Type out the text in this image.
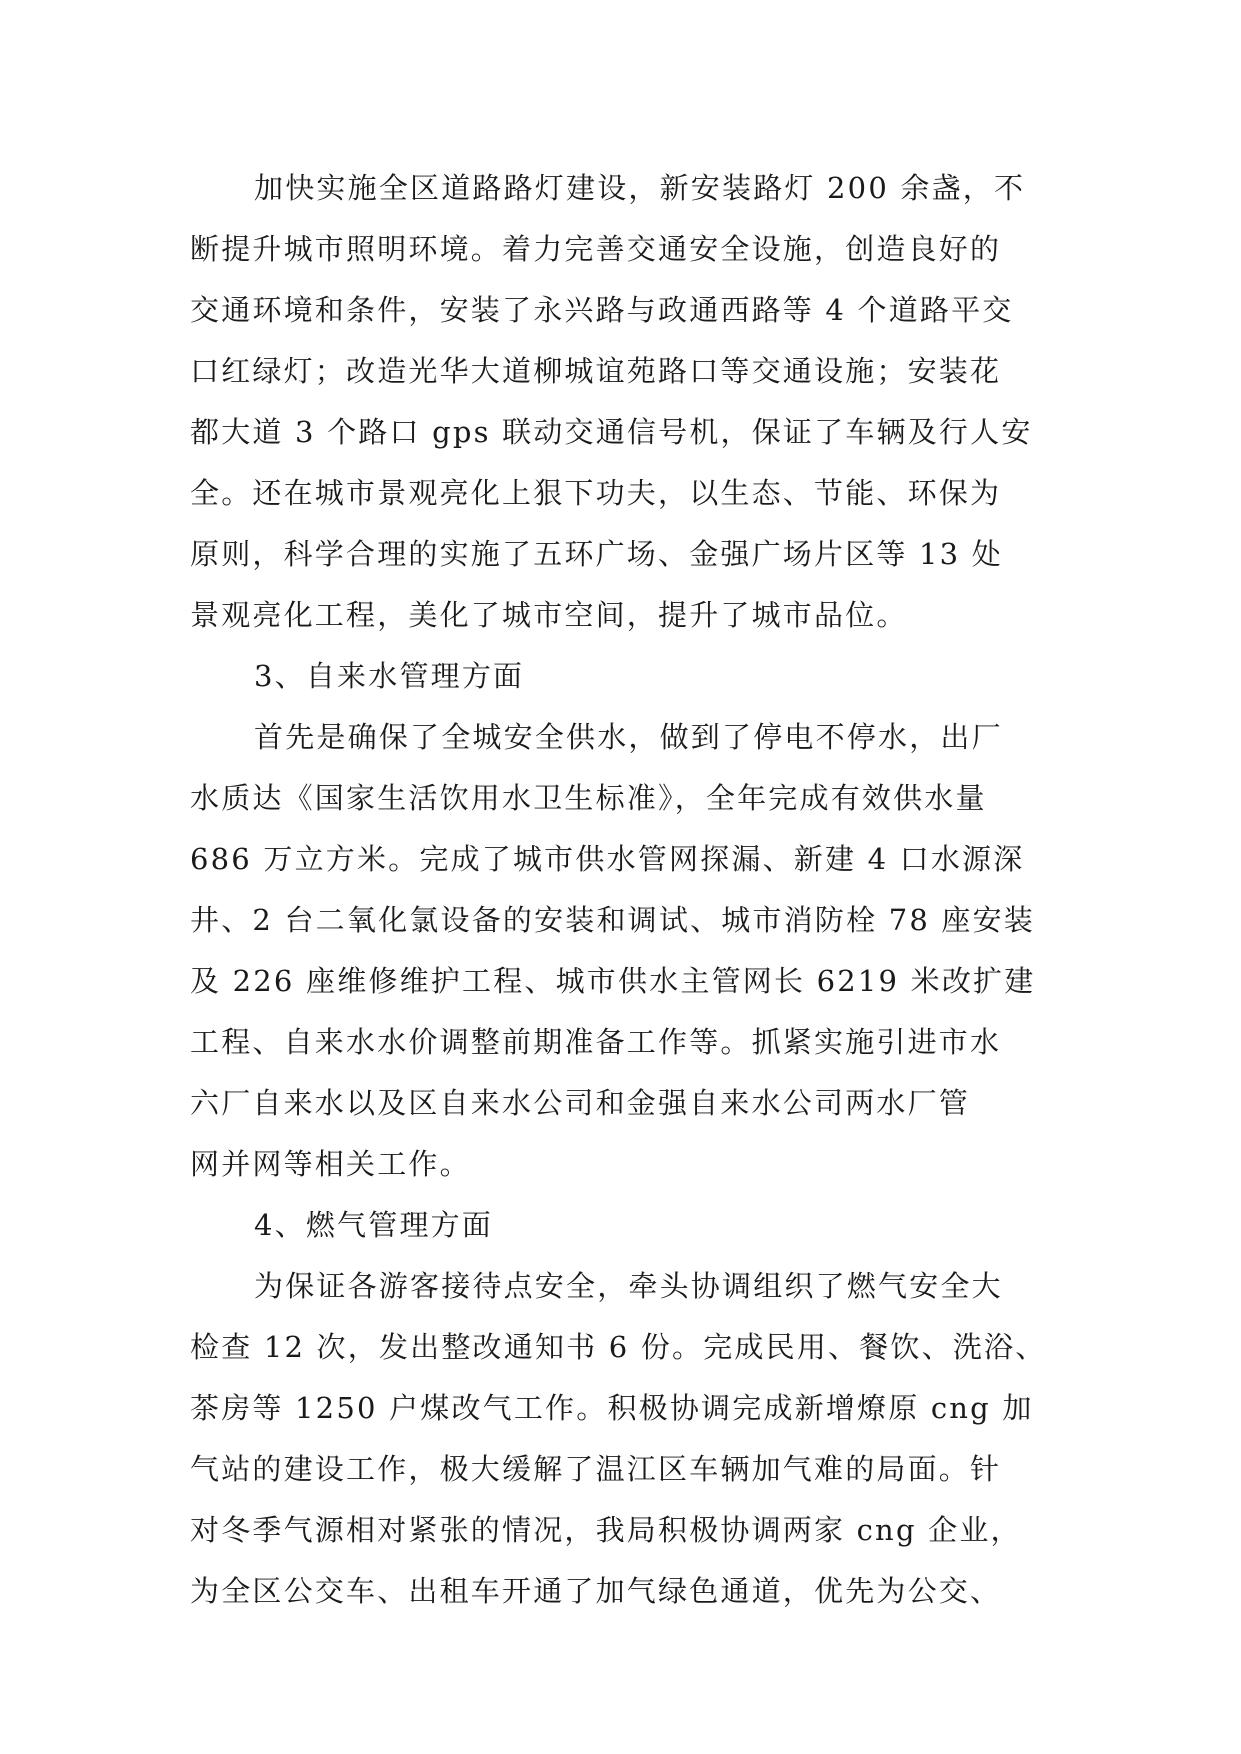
加快实施全区道路路灯建设，新安装路灯 200 余盏，不
断提升城市照明环境。着力完善交通安全设施，创造良好的
交通环境和条件，安装了永兴路与政通西路等 4 个道路平交
口红绿灯；改造光华大道柳城谊苑路口等交通设施；安装花
都大道 3 个路口 gps 联动交通信号机，保证了车辆及行人安
全。还在城市景观亮化上狠下功夫，以生态、节能、环保为
原则，科学合理的实施了五环广场、金强广场片区等 13 处
景观亮化工程，美化了城市空间，提升了城市品位。
3、自来水管理方面
首先是确保了全城安全供水，做到了停电不停水，出厂
水质达《国家生活饮用水卫生标准》，全年完成有效供水量
686 万立方米。完成了城市供水管网探漏、新建 4 口水源深
井、2 台二氧化氯设备的安装和调试、城市消防栓 78 座安装
及 226 座维修维护工程、城市供水主管网长 6219 米改扩建
工程、自来水水价调整前期准备工作等。抓紧实施引进市水
六厂自来水以及区自来水公司和金强自来水公司两水厂管
网并网等相关工作。
4、燃气管理方面
为保证各游客接待点安全，牵头协调组织了燃气安全大
检查 12 次，发出整改通知书 6 份。完成民用、餐饮、洗浴、
茶房等 1250 户煤改气工作。积极协调完成新增燎原 cng 加
气站的建设工作，极大缓解了温江区车辆加气难的局面。针
对冬季气源相对紧张的情况，我局积极协调两家 cng 企业，
为全区公交车、出租车开通了加气绿色通道，优先为公交、
